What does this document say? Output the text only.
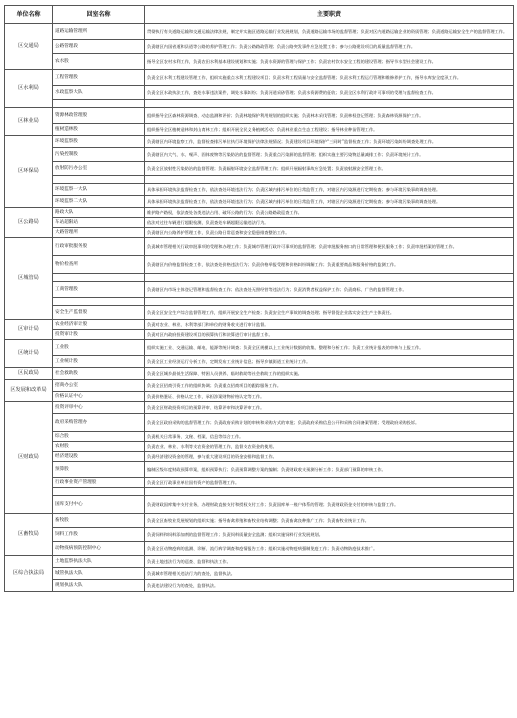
单位名称	回室名称	主要职责
区交通局	道路运输管理所	贯彻执行有关道路运输和交通运输法律法规，制定并实施区道路运输行业发展规划，负责道路运输市场的监督管理；负责对区内道路运输企业的资质管理；负责道路运输安全生产的监督管理工作。
	公路管理段	负责辖区内国省道和县道等公路的养护管理工作；负责公路路政管理；负责公路突发事件应急处置工作；参与公路建设项目的质量监督管理工作。
	农水股	指导全区农村水利工作，负责农田水利基本建设规划和实施；负责水资源的管理与保护工作；负责农村饮水安全工程的建设管理；指导节水型社会建设工作。
区水利局	工程管理股	负责全区水利工程建设管理工作，组织实施重点水利工程建设项目；负责水利工程质量与安全监督管理；负责水利工程运行管理和维修养护工作，指导水库安全度汛工作。
	水政监察大队	负责全区水政执法工作，查处水事违法案件，调处水事纠纷；负责河道采砂管理；负责水资源费的征收；负责全区水利行政许可事项的受理与监督检查工作。

区林业局	资源林政管理股	组织指导全区森林资源调查、动态监测和评价；负责林地保护利用规划的组织实施；负责林木采伐管理；负责林权登记管理；负责森林资源保护工作。
	植树造林股	组织指导全区植树造林和封山育林工作；组织开展全民义务植树活动；负责林业重点生态工程建设；指导林业种苗管理工作。
区环保局	环境监察股	负责辖区内环境监察工作，监督检查排污单位执行环境保护法律法规情况；负责建设项目环境保护“三同时”监督检查工作；负责环境污染纠纷调查处理工作。
	污染控制股	负责辖区内大气、水、噪声、固体废物等污染防治的监督管理；负责重点污染源的监督管理；组织实施主要污染物总量减排工作；负责环境统计工作。
	放射防污办公室	负责全区放射性污染防治的监督管理；负责辐射环境安全监督管理工作；组织开展辐射事故应急处置；负责放射源安全管理工作。

	环境监察一大队	具体承担环境执法监督检查工作，依法查处环境违法行为；负责区域内排污单位的日常监管工作，对辖区内污染源进行定期检查；参与环境污染事故调查处理。
	环境监察二大队	具体承担环境执法监督检查工作，依法查处环境违法行为；负责区域内排污单位的日常监管工作，对辖区内污染源进行定期检查；参与环境污染事故调查处理。
区公路局	路政大队	维护路产路权，依法查处各类违法占用、破坏公路的行为；负责公路路政巡查工作。
	车站超限站	依法对过往车辆进行超限检测，负责查处车辆超限运输违法行为。
	大路管理所	负责辖区内公路养护管理工作，负责公路日常巡查和安全隐患排查整治工作。
区城管局	行政审批服务股	负责城市管理相关行政审批事项的受理和办理工作；负责城市管理行政许可事项的监督管理；负责审批服务窗口的日常管理和便民服务工作；负责审批档案的管理工作。
	物价检查所	负责辖区内价格监督检查工作，依法查处价格违法行为；负责价格举报受理和价格纠纷调解工作；负责重要商品和服务价格的监测工作。

	工商管理股	负责辖区内市场主体登记管理和监督检查工作；依法查处无照经营等违法行为；负责消费者权益保护工作；负责商标、广告的监督管理工作。

	安全生产监督股	负责全区安全生产综合监督管理工作，组织开展安全生产检查；负责安全生产事故的调查处理；指导督促企业落实安全生产主体责任。
区审计局	农业经济审计股	负责对农业、林业、水利等部门和单位的财务收支进行审计监督。
	投资审计股	负责对区内政府投资建设项目的预算执行和决算进行审计监督工作。
区统计局	工业股	组织实施工业、交通运输、邮电、能源等统计调查；负责全区规模以上工业统计数据的收集、整理和分析工作；负责工业统计报表的审核与上报工作。
	工业统计股	负责全区工业经济运行分析工作，定期发布工业统计信息；指导乡镇街道工业统计工作。
区民政局	社会救助股	负责全区城乡最低生活保障、特困人员供养、临时救助等社会救助工作的组织实施。
区发展和改革局	招商办公室	负责全区招商引资工作的组织协调；负责重点招商项目的跟踪服务工作。
	价格认证中心	负责价格鉴证、价格认定工作，承担涉案财物价格认定等工作。
区财政局	投资评审中心	负责全区财政投资项目的预算评审、结算评审和决算评审工作。
	政府采购管理办	负责全区政府采购的监督管理工作；负责政府采购计划的审核和采购方式的审批；负责政府采购信息公开和采购合同备案管理；受理政府采购投诉。
	综合股	负责机关日常事务、文秘、档案、信息等综合工作。
	农财股	负责农业、林业、水利等支农资金的管理工作，监督支农资金的使用。
	经济建设股	负责经济建设资金的管理，参与重大建设项目的资金安排和监督工作。
	预算股	编制区级年度财政预算草案，组织预算执行；负责预算调整方案的编制；负责财政收支预测分析工作；负责部门预算的审核工作。
	行政事业资产管理股	负责全区行政事业单位国有资产的监督管理工作。

	国库支付中心	负责财政国库集中支付业务，办理财政直接支付和授权支付工作；负责国库单一账户体系的管理；负责财政资金支付的审核与监督工作。
区畜牧局	畜牧股	负责全区畜牧业发展规划的组织实施；指导畜禽养殖和畜牧业结构调整；负责畜禽良种推广工作；负责畜牧业统计工作。
	饲料工作股	负责饲料和饲料添加剂的监督管理工作；负责饲料质量安全监测；组织实施饲料行业发展规划。
	动物疫病预防控制中心	负责全区动物疫病的监测、诊断、流行病学调查和疫情报告工作；组织实施动物疫病强制免疫工作；负责动物防疫技术推广。
区综合执法局	土地监察执法大队	负责土地违法行为的巡查、监督和执法工作。
	城管执法大队	负责城市管理相关违法行为的查处，监督执法。
	规划执法大队	负责违法建设行为的查处，监督执法。
